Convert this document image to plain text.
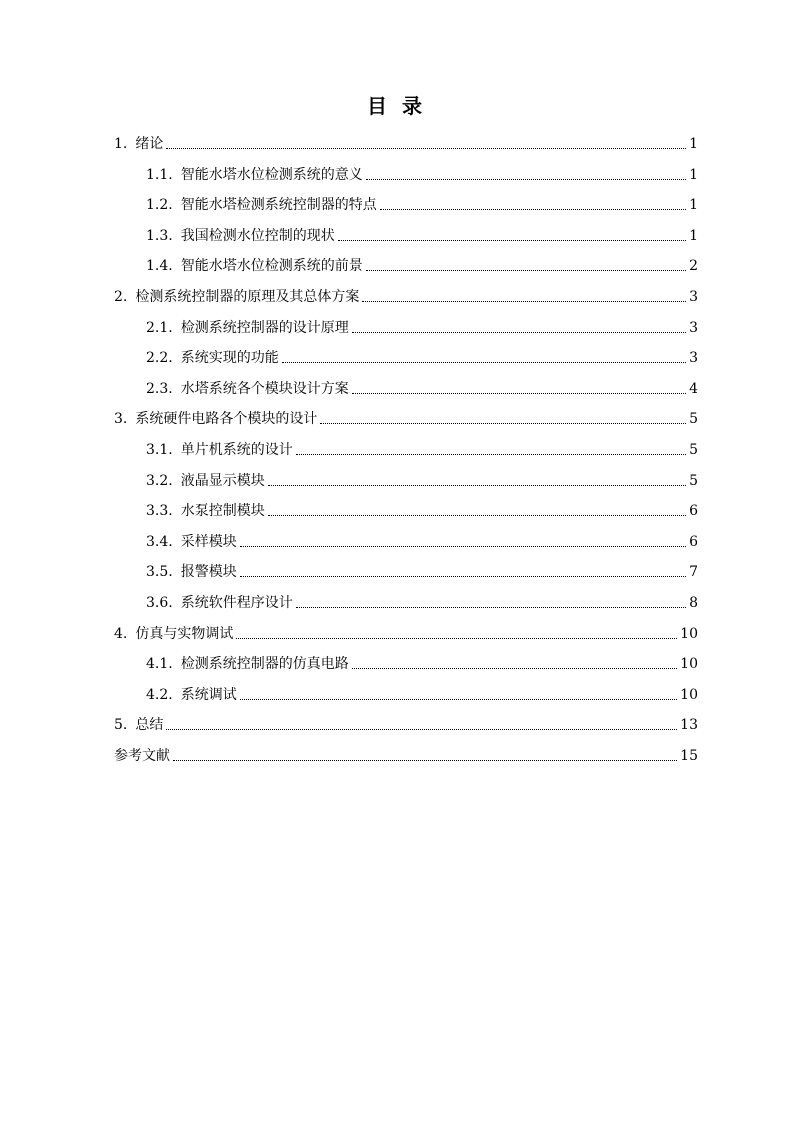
目 录
1. 绪论	1
1.1. 智能水塔水位检测系统的意义	1
1.2. 智能水塔检测系统控制器的特点	1
1.3. 我国检测水位控制的现状	1
1.4. 智能水塔水位检测系统的前景	2
2. 检测系统控制器的原理及其总体方案	3
2.1. 检测系统控制器的设计原理	3
2.2. 系统实现的功能	3
2.3. 水塔系统各个模块设计方案	4
3. 系统硬件电路各个模块的设计	5
3.1. 单片机系统的设计	5
3.2. 液晶显示模块	5
3.3. 水泵控制模块	6
3.4. 采样模块	6
3.5. 报警模块	7
3.6. 系统软件程序设计	8
4. 仿真与实物调试	10
4.1. 检测系统控制器的仿真电路	10
4.2. 系统调试	10
5. 总结	13
参考文献	15
